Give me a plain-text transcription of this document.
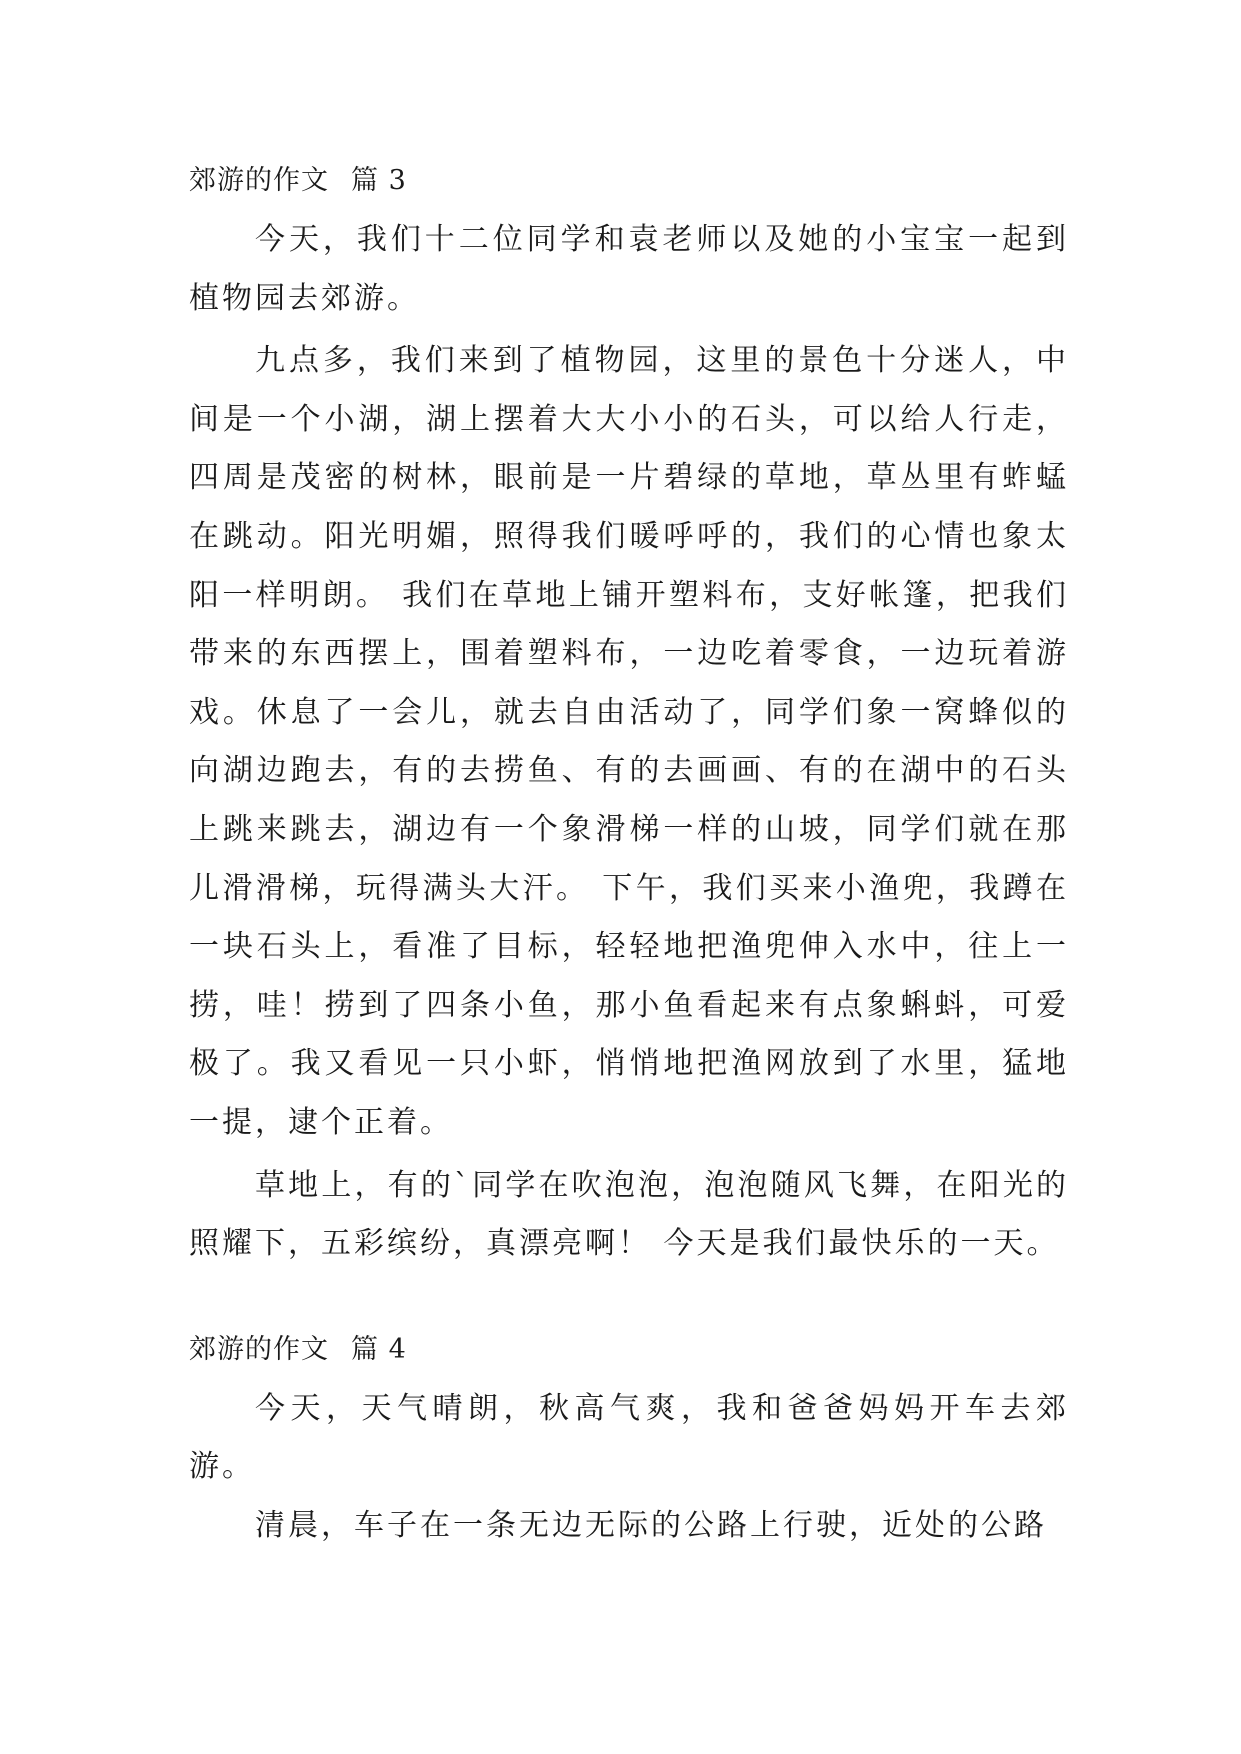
郊游的作文 篇 3

今天，我们十二位同学和袁老师以及她的小宝宝一起到植物园去郊游。

九点多，我们来到了植物园，这里的景色十分迷人，中间是一个小湖，湖上摆着大大小小的石头，可以给人行走，四周是茂密的树林，眼前是一片碧绿的草地，草丛里有蚱蜢在跳动。阳光明媚，照得我们暖呼呼的，我们的心情也象太阳一样明朗。 我们在草地上铺开塑料布，支好帐篷，把我们带来的东西摆上，围着塑料布，一边吃着零食，一边玩着游戏。休息了一会儿，就去自由活动了，同学们象一窝蜂似的向湖边跑去，有的去捞鱼、有的去画画、有的在湖中的石头上跳来跳去，湖边有一个象滑梯一样的山坡，同学们就在那儿滑滑梯，玩得满头大汗。 下午，我们买来小渔兜，我蹲在一块石头上，看准了目标，轻轻地把渔兜伸入水中，往上一捞，哇！捞到了四条小鱼，那小鱼看起来有点象蝌蚪，可爱极了。我又看见一只小虾，悄悄地把渔网放到了水里，猛地一提，逮个正着。

草地上，有的`同学在吹泡泡，泡泡随风飞舞，在阳光的照耀下，五彩缤纷，真漂亮啊！ 今天是我们最快乐的一天。

郊游的作文 篇 4

今天，天气晴朗，秋高气爽，我和爸爸妈妈开车去郊游。

清晨，车子在一条无边无际的公路上行驶，近处的公路
